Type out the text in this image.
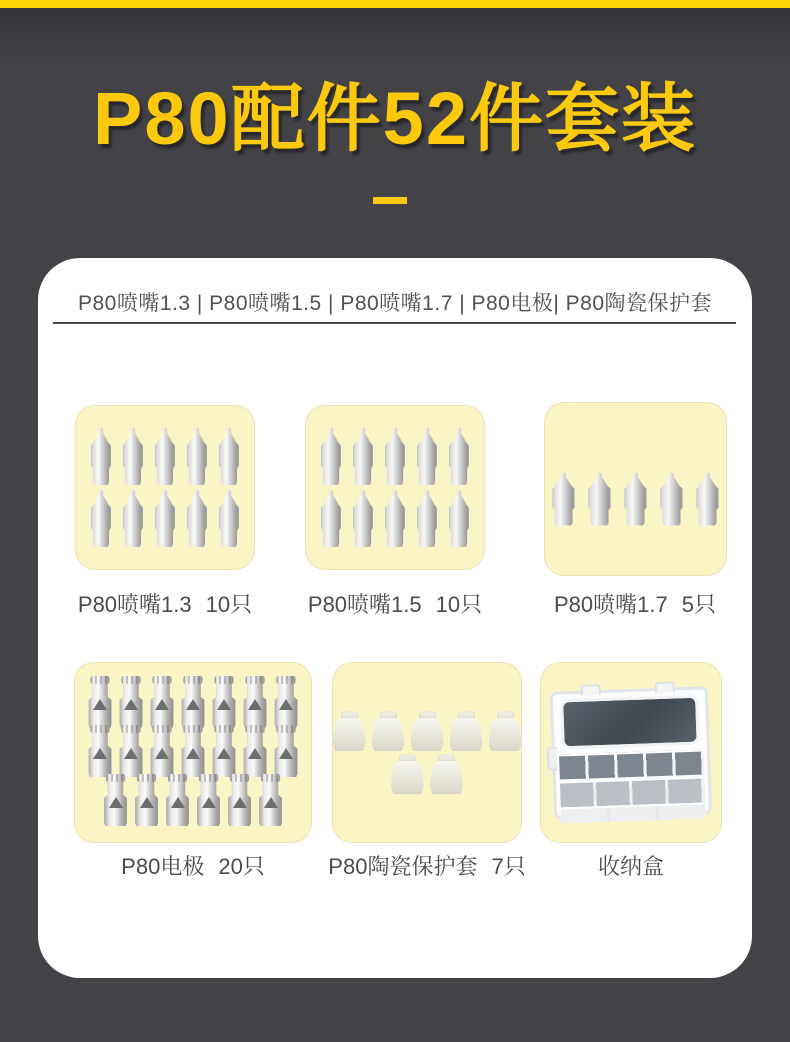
P80配件52件套装
P80喷嘴1.3 | P80喷嘴1.5 | P80喷嘴1.7 | P80电极| P80陶瓷保护套
P80喷嘴1.3 10只	P80喷嘴1.5 10只	P80喷嘴1.7 5只
P80电极 20只	P80陶瓷保护套 7只	收纳盒
